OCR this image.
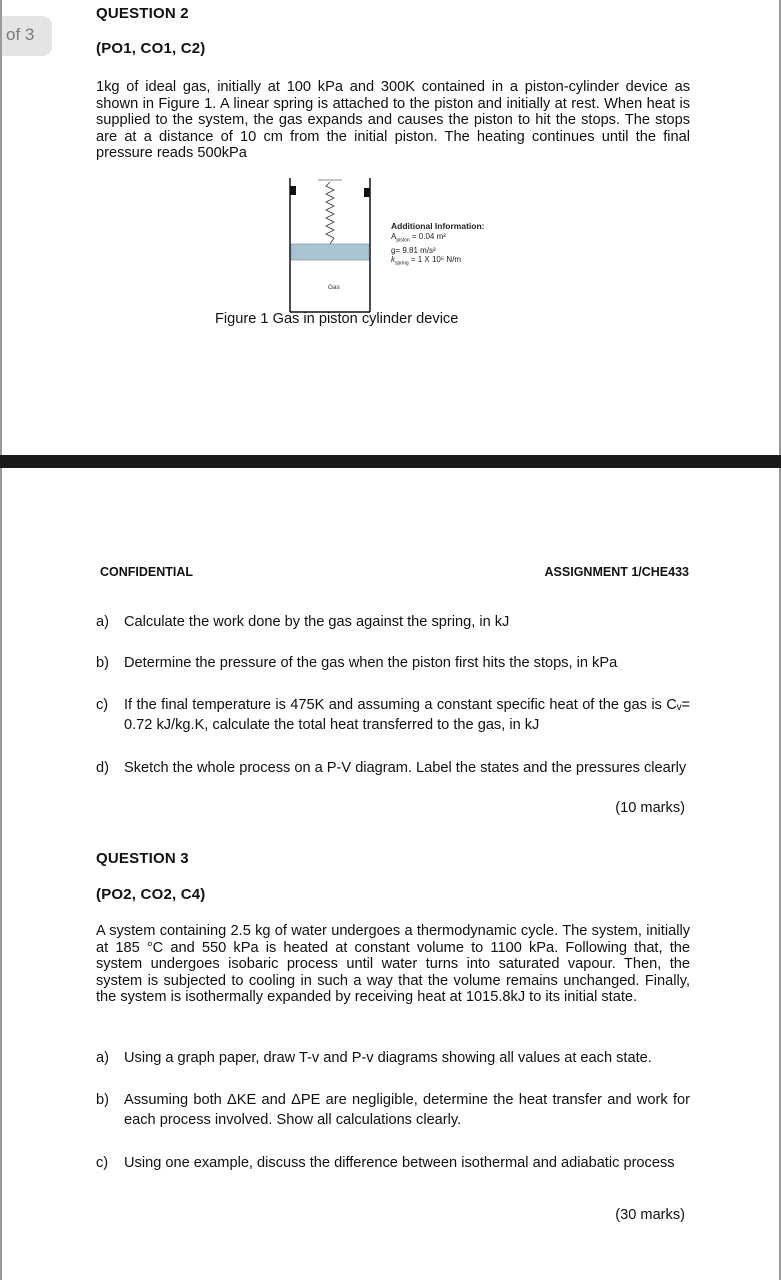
of 3
QUESTION 2
(PO1, CO1, C2)
1kg of ideal gas, initially at 100 kPa and 300K contained in a piston-cylinder device as shown in Figure 1. A linear spring is attached to the piston and initially at rest. When heat is supplied to the system, the gas expands and causes the piston to hit the stops. The stops are at a distance of 10 cm from the initial piston. The heating continues until the final pressure reads 500kPa
Gas
Additional Information:
$A_{piston} = 0.04$ m²
g= 9.81 m/s²
$k_{spring} = 1$ X 10⁵ N/m
Figure 1 Gas in piston cylinder device
CONFIDENTIAL	ASSIGNMENT 1/CHE433
a) Calculate the work done by the gas against the spring, in kJ
b) Determine the pressure of the gas when the piston first hits the stops, in kPa
c) If the final temperature is 475K and assuming a constant specific heat of the gas is Cᵥ= 0.72 kJ/kg.K, calculate the total heat transferred to the gas, in kJ
d) Sketch the whole process on a P-V diagram. Label the states and the pressures clearly
(10 marks)
QUESTION 3
(PO2, CO2, C4)
A system containing 2.5 kg of water undergoes a thermodynamic cycle. The system, initially at 185 °C and 550 kPa is heated at constant volume to 1100 kPa. Following that, the system undergoes isobaric process until water turns into saturated vapour. Then, the system is subjected to cooling in such a way that the volume remains unchanged. Finally, the system is isothermally expanded by receiving heat at 1015.8kJ to its initial state.
a) Using a graph paper, draw T-v and P-v diagrams showing all values at each state.
b) Assuming both ΔKE and ΔPE are negligible, determine the heat transfer and work for each process involved. Show all calculations clearly.
c) Using one example, discuss the difference between isothermal and adiabatic process
(30 marks)
